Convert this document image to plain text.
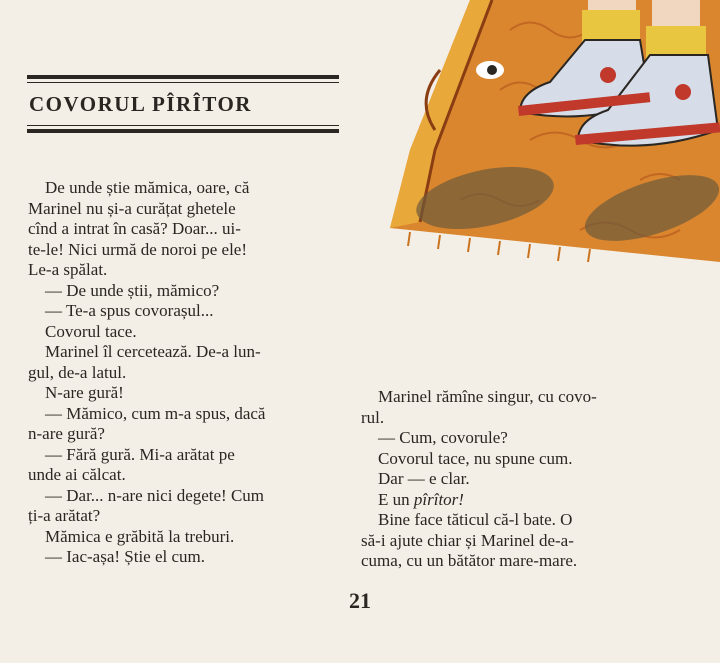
COVORUL PÎRÎTOR
De unde știe mămica, oare, că
Marinel nu și-a curățat ghetele
cînd a intrat în casă? Doar... ui-
te-le! Nici urmă de noroi pe ele!
Le-a spălat.
— De unde știi, mămico?
— Te-a spus covorașul...
Covorul tace.
Marinel îl cercetează. De-a lun-
gul, de-a latul.
N-are gură!
— Mămico, cum m-a spus, dacă
n-are gură?
— Fără gură. Mi-a arătat pe
unde ai călcat.
— Dar... n-are nici degete! Cum
ți-a arătat?
Mămica e grăbită la treburi.
— Iac-așa! Știe el cum.
Marinel rămîne singur, cu covo-
rul.
— Cum, covorule?
Covorul tace, nu spune cum.
Dar — e clar.
E un pîrîtor!
Bine face tăticul că-l bate. O
să-i ajute chiar și Marinel de-a-
cuma, cu un bătător mare-mare.
21
